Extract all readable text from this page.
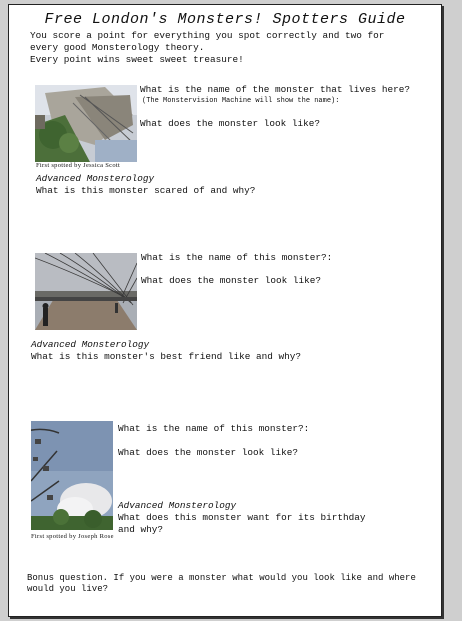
Free London's Monsters! Spotters Guide
You score a point for everything you spot correctly and two for
every good Monsterology theory.
Every point wins sweet sweet treasure!
What is the name of the monster that lives here?
(The Monstervision Machine will show the name):
What does the monster look like?
First spotted by Jessica Scott
Advanced Monsterology
What is this monster scared of and why?
What is the name of this monster?:
What does the monster look like?
Advanced Monsterology
What is this monster's best friend like and why?
What is the name of this monster?:
What does the monster look like?
Advanced Monsterology
What does this monster want for its birthday
and why?
First spotted by Joseph Rose
Bonus question. If you were a monster what would you look like and where
would you live?
